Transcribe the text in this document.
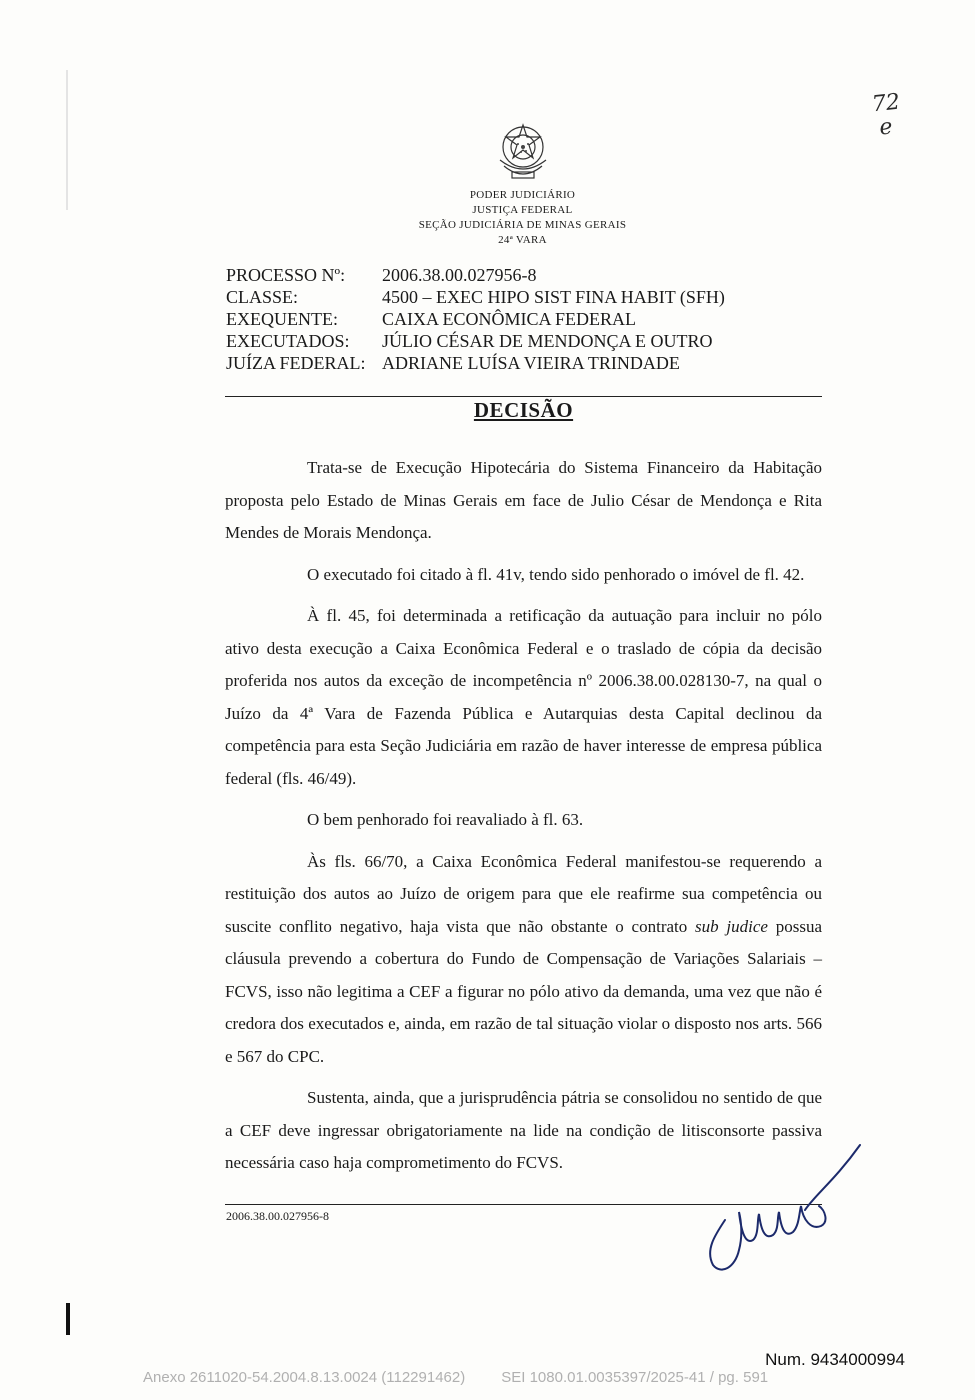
72
e
PODER JUDICIÁRIO
JUSTIÇA FEDERAL
SEÇÃO JUDICIÁRIA DE MINAS GERAIS
24ª VARA
PROCESSO Nº:	2006.38.00.027956-8
CLASSE:	4500 – EXEC HIPO SIST FINA HABIT (SFH)
EXEQUENTE:	CAIXA ECONÔMICA FEDERAL
EXECUTADOS:	JÚLIO CÉSAR DE MENDONÇA E OUTRO
JUÍZA FEDERAL: ADRIANE LUÍSA VIEIRA TRINDADE
DECISÃO

Trata-se de Execução Hipotecária do Sistema Financeiro da Habitação proposta pelo Estado de Minas Gerais em face de Julio César de Mendonça e Rita Mendes de Morais Mendonça.

O executado foi citado à fl. 41v, tendo sido penhorado o imóvel de fl. 42.

À fl. 45, foi determinada a retificação da autuação para incluir no pólo ativo desta execução a Caixa Econômica Federal e o traslado de cópia da decisão proferida nos autos da exceção de incompetência nº 2006.38.00.028130-7, na qual o Juízo da 4ª Vara de Fazenda Pública e Autarquias desta Capital declinou da competência para esta Seção Judiciária em razão de haver interesse de empresa pública federal (fls. 46/49).

O bem penhorado foi reavaliado à fl. 63.

Às fls. 66/70, a Caixa Econômica Federal manifestou-se requerendo a restituição dos autos ao Juízo de origem para que ele reafirme sua competência ou suscite conflito negativo, haja vista que não obstante o contrato sub judice possua cláusula prevendo a cobertura do Fundo de Compensação de Variações Salariais – FCVS, isso não legitima a CEF a figurar no pólo ativo da demanda, uma vez que não é credora dos executados e, ainda, em razão de tal situação violar o disposto nos arts. 566 e 567 do CPC.

Sustenta, ainda, que a jurisprudência pátria se consolidou no sentido de que a CEF deve ingressar obrigatoriamente na lide na condição de litisconsorte passiva necessária caso haja comprometimento do FCVS.

2006.38.00.027956-8
Num. 9434000994
Anexo 2611020-54.2004.8.13.0024 (112291462) SEI 1080.01.0035397/2025-41 / pg. 591
